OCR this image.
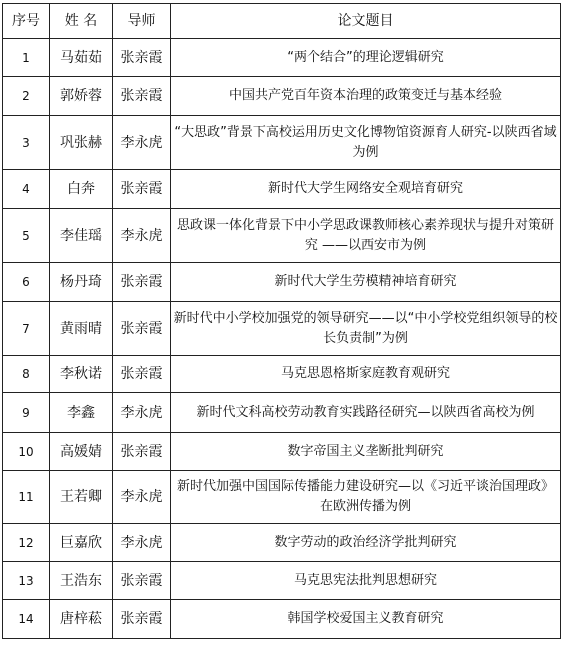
序号	姓 名	导师	论文题目
1	马茹茹	张亲霞	“两个结合”的理论逻辑研究
2	郭娇蓉	张亲霞	中国共产党百年资本治理的政策变迁与基本经验
3	巩张赫	李永虎	“大思政”背景下高校运用历史文化博物馆资源育人研究-以陕西省域为例
4	白奔	张亲霞	新时代大学生网络安全观培育研究
5	李佳瑶	李永虎	思政课一体化背景下中小学思政课教师核心素养现状与提升对策研究 ——以西安市为例
6	杨丹琦	张亲霞	新时代大学生劳模精神培育研究
7	黄雨晴	张亲霞	新时代中小学校加强党的领导研究——以“中小学校党组织领导的校长负责制”为例
8	李秋诺	张亲霞	马克思恩格斯家庭教育观研究
9	李鑫	李永虎	新时代文科高校劳动教育实践路径研究—以陕西省高校为例
10	高媛婧	张亲霞	数字帝国主义垄断批判研究
11	王若卿	李永虎	新时代加强中国国际传播能力建设研究—以《习近平谈治国理政》在欧洲传播为例
12	巨嘉欣	李永虎	数字劳动的政治经济学批判研究
13	王浩东	张亲霞	马克思宪法批判思想研究
14	唐梓菘	张亲霞	韩国学校爱国主义教育研究
